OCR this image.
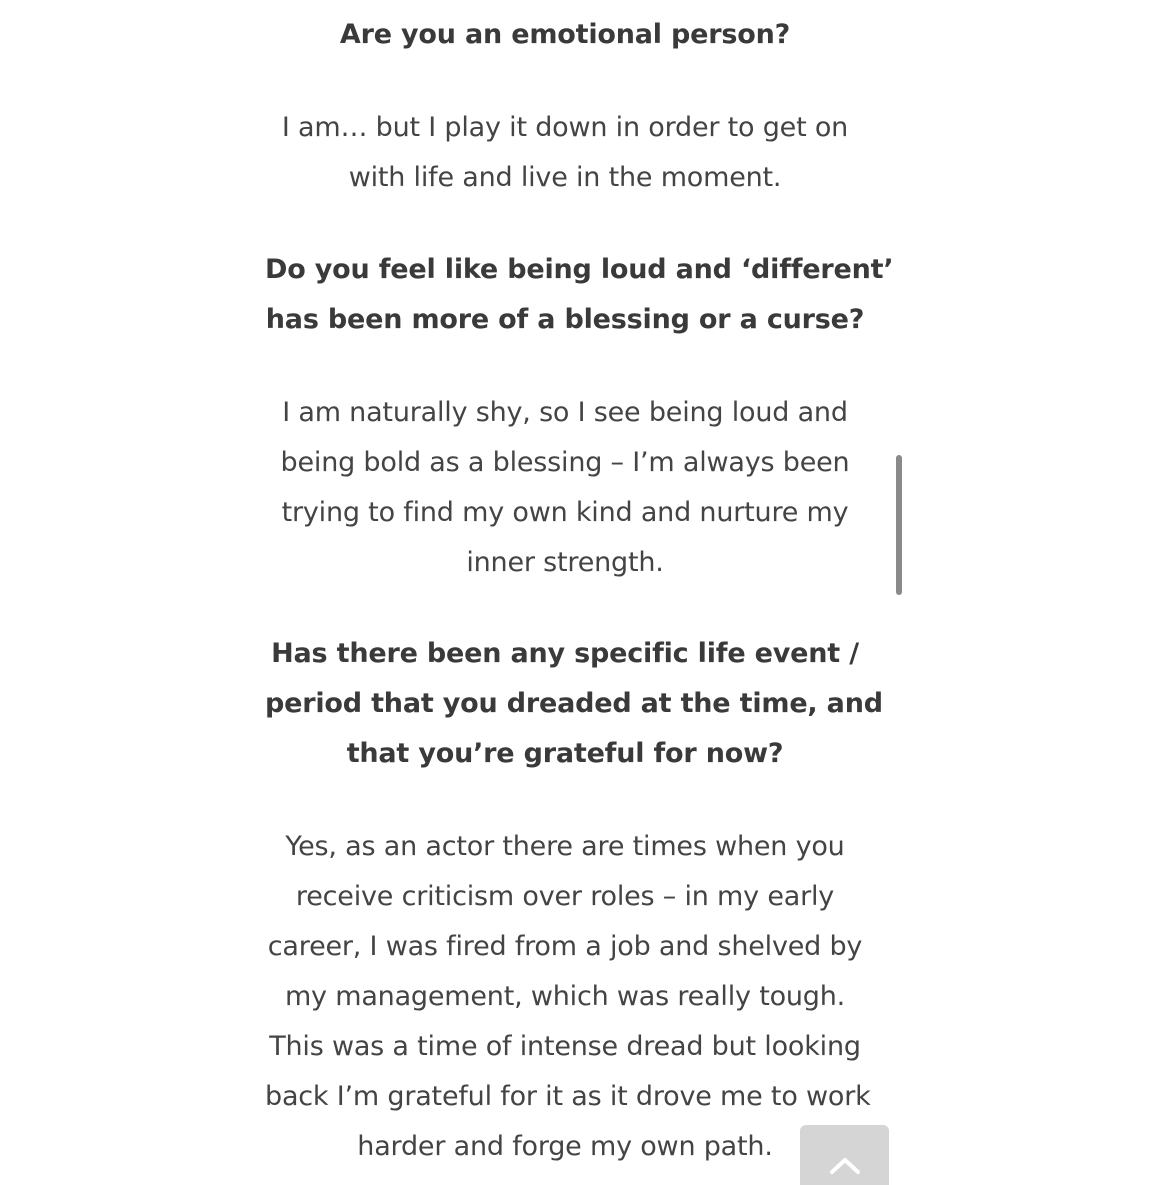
Are you an emotional person?

I am… but I play it down in order to get on
with life and live in the moment.

Do you feel like being loud and ‘different’
has been more of a blessing or a curse?

I am naturally shy, so I see being loud and
being bold as a blessing – I’m always been
trying to find my own kind and nurture my
inner strength.

Has there been any specific life event /
period that you dreaded at the time, and
that you’re grateful for now?

Yes, as an actor there are times when you
receive criticism over roles – in my early
career, I was fired from a job and shelved by
my management, which was really tough.
This was a time of intense dread but looking
back I’m grateful for it as it drove me to work
harder and forge my own path.
